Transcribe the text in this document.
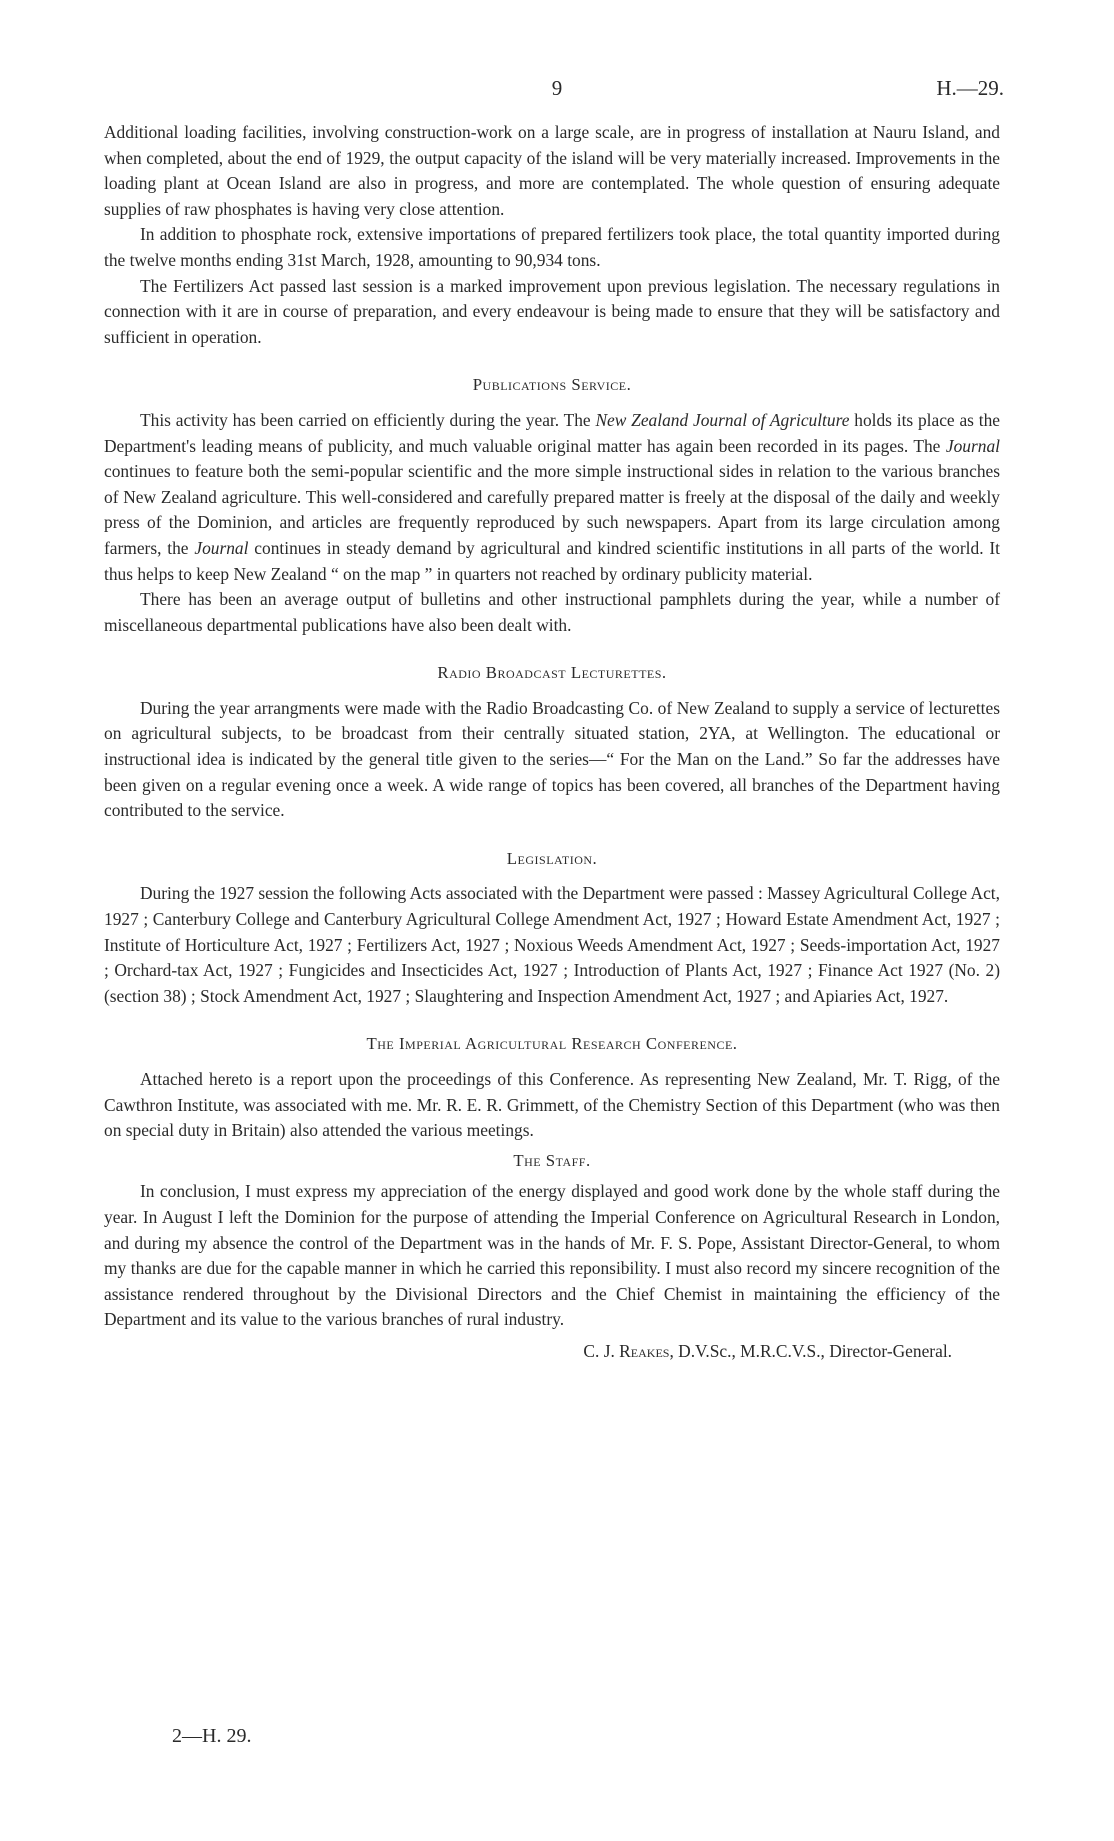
9	H.—29.

Additional loading facilities, involving construction-work on a large scale, are in progress of installation at Nauru Island, and when completed, about the end of 1929, the output capacity of the island will be very materially increased. Improvements in the loading plant at Ocean Island are also in progress, and more are contemplated. The whole question of ensuring adequate supplies of raw phosphates is having very close attention.

In addition to phosphate rock, extensive importations of prepared fertilizers took place, the total quantity imported during the twelve months ending 31st March, 1928, amounting to 90,934 tons.

The Fertilizers Act passed last session is a marked improvement upon previous legislation. The necessary regulations in connection with it are in course of preparation, and every endeavour is being made to ensure that they will be satisfactory and sufficient in operation.

Publications Service.

This activity has been carried on efficiently during the year. The New Zealand Journal of Agriculture holds its place as the Department's leading means of publicity, and much valuable original matter has again been recorded in its pages. The Journal continues to feature both the semi-popular scientific and the more simple instructional sides in relation to the various branches of New Zealand agriculture. This well-considered and carefully prepared matter is freely at the disposal of the daily and weekly press of the Dominion, and articles are frequently reproduced by such newspapers. Apart from its large circulation among farmers, the Journal continues in steady demand by agricultural and kindred scientific institutions in all parts of the world. It thus helps to keep New Zealand “ on the map ” in quarters not reached by ordinary publicity material.

There has been an average output of bulletins and other instructional pamphlets during the year, while a number of miscellaneous departmental publications have also been dealt with.

Radio Broadcast Lecturettes.

During the year arrangments were made with the Radio Broadcasting Co. of New Zealand to supply a service of lecturettes on agricultural subjects, to be broadcast from their centrally situated station, 2YA, at Wellington. The educational or instructional idea is indicated by the general title given to the series—“ For the Man on the Land.” So far the addresses have been given on a regular evening once a week. A wide range of topics has been covered, all branches of the Department having contributed to the service.

Legislation.

During the 1927 session the following Acts associated with the Department were passed : Massey Agricultural College Act, 1927 ; Canterbury College and Canterbury Agricultural College Amendment Act, 1927 ; Howard Estate Amendment Act, 1927 ; Institute of Horticulture Act, 1927 ; Fertilizers Act, 1927 ; Noxious Weeds Amendment Act, 1927 ; Seeds-importation Act, 1927 ; Orchard-tax Act, 1927 ; Fungicides and Insecticides Act, 1927 ; Introduction of Plants Act, 1927 ; Finance Act 1927 (No. 2) (section 38) ; Stock Amendment Act, 1927 ; Slaughtering and Inspection Amendment Act, 1927 ; and Apiaries Act, 1927.

The Imperial Agricultural Research Conference.

Attached hereto is a report upon the proceedings of this Conference. As representing New Zealand, Mr. T. Rigg, of the Cawthron Institute, was associated with me. Mr. R. E. R. Grimmett, of the Chemistry Section of this Department (who was then on special duty in Britain) also attended the various meetings.

The Staff.

In conclusion, I must express my appreciation of the energy displayed and good work done by the whole staff during the year. In August I left the Dominion for the purpose of attending the Imperial Conference on Agricultural Research in London, and during my absence the control of the Department was in the hands of Mr. F. S. Pope, Assistant Director-General, to whom my thanks are due for the capable manner in which he carried this reponsibility. I must also record my sincere recognition of the assistance rendered throughout by the Divisional Directors and the Chief Chemist in maintaining the efficiency of the Department and its value to the various branches of rural industry.

C. J. Reakes, D.V.Sc., M.R.C.V.S., Director-General.
2—H. 29.
